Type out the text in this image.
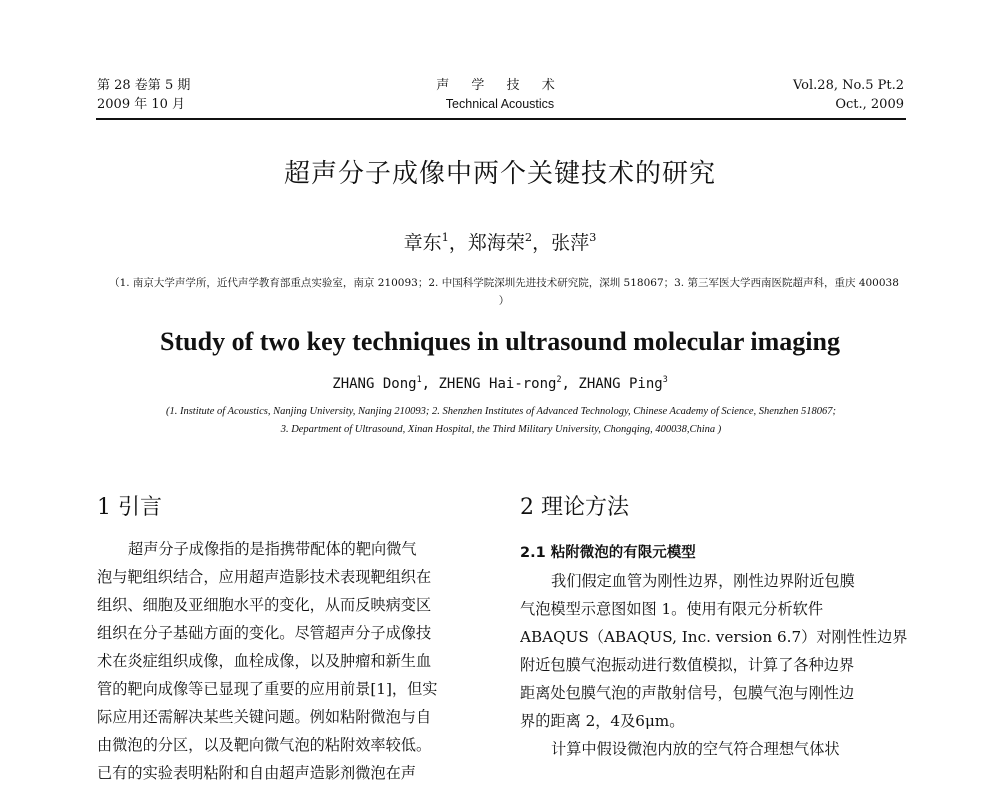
第 28 卷第 5 期
2009 年 10 月
声 学 技 术
Technical Acoustics
Vol.28, No.5 Pt.2
Oct., 2009
超声分子成像中两个关键技术的研究
章东$^1$，郑海荣$^2$，张萍$^3$
（1. 南京大学声学所，近代声学教育部重点实验室，南京 210093；2. 中国科学院深圳先进技术研究院，深圳 518067；3. 第三军医大学西南医院超声科，重庆 400038 ）
Study of two key techniques in ultrasound molecular imaging
ZHANG Dong$^1$, ZHENG Hai-rong$^2$, ZHANG Ping$^3$
(1. Institute of Acoustics, Nanjing University, Nanjing 210093; 2. Shenzhen Institutes of Advanced Technology, Chinese Academy of Science, Shenzhen 518067;
3. Department of Ultrasound, Xinan Hospital, the Third Military University, Chongqing, 400038,China )
1 引言
超声分子成像指的是指携带配体的靶向微气
泡与靶组织结合，应用超声造影技术表现靶组织在
组织、细胞及亚细胞水平的变化，从而反映病变区
组织在分子基础方面的变化。尽管超声分子成像技
术在炎症组织成像，血栓成像，以及肿瘤和新生血
管的靶向成像等已显现了重要的应用前景[1]，但实
际应用还需解决某些关键问题。例如粘附微泡与自
由微泡的分区，以及靶向微气泡的粘附效率较低。
已有的实验表明粘附和自由超声造影剂微泡在声
2 理论方法
2.1 粘附微泡的有限元模型
我们假定血管为刚性边界，刚性边界附近包膜
气泡模型示意图如图 1。使用有限元分析软件
ABAQUS（ABAQUS, Inc. version 6.7）对刚性性边界
附近包膜气泡振动进行数值模拟，计算了各种边界
距离处包膜气泡的声散射信号，包膜气泡与刚性边
界的距离 2，4及6μm。
计算中假设微泡内放的空气符合理想气体状
